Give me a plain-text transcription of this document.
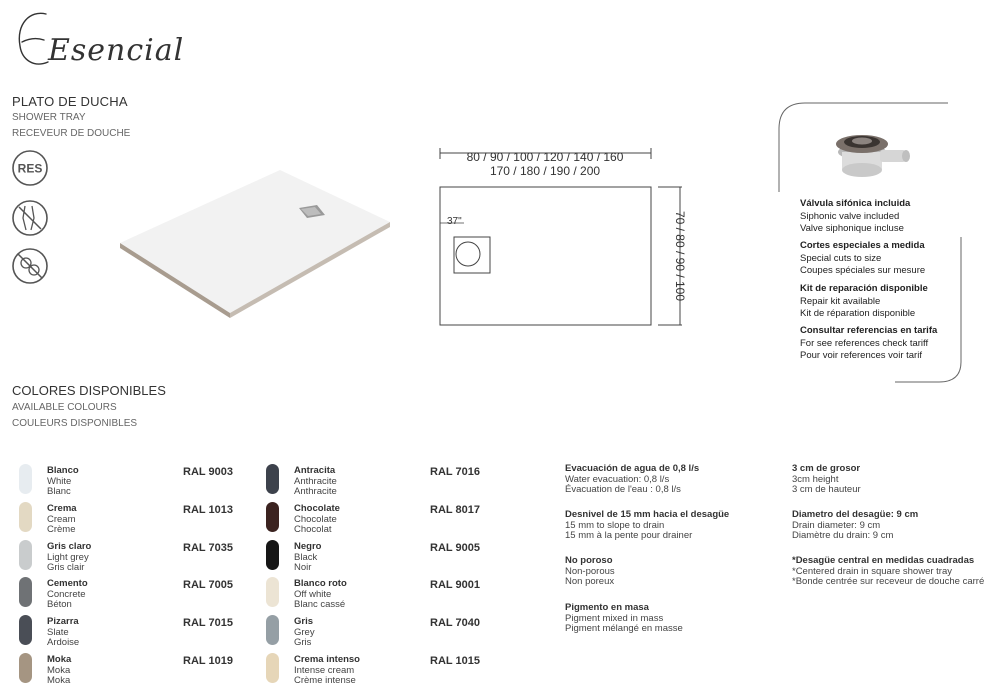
Esencial
PLATO DE DUCHA
SHOWER TRAY
RECEVEUR DE DOUCHE
RES
80 / 90 / 100 / 120 / 140 / 160
170 / 180 / 190 / 200
70 / 80 / 90 / 100
37"
Válvula sifónica incluida
Siphonic valve included
Valve siphonique incluse
Cortes especiales a medida
Special cuts to size
Coupes spéciales sur mesure
Kit de reparación disponible
Repair kit available
Kit de réparation disponible
Consultar referencias en tarifa
For see references check tariff
Pour voir references voir tarif
COLORES DISPONIBLES
AVAILABLE COLOURS
COULEURS DISPONIBLES
Blanco
White
Blanc
RAL 9003
Crema
Cream
Crème
RAL 1013
Gris claro
Light grey
Gris clair
RAL 7035
Cemento
Concrete
Béton
RAL 7005
Pizarra
Slate
Ardoise
RAL 7015
Moka
Moka
Moka
RAL 1019
Antracita
Anthracite
Anthracite
RAL 7016
Chocolate
Chocolate
Chocolat
RAL 8017
Negro
Black
Noir
RAL 9005
Blanco roto
Off white
Blanc cassé
RAL 9001
Gris
Grey
Gris
RAL 7040
Crema intenso
Intense cream
Crème intense
RAL 1015
Evacuación de agua de 0,8 l/s
Water evacuation: 0,8 l/s
Évacuation de l'eau : 0,8 l/s
Desnivel de 15 mm hacia el desagüe
15 mm to slope to drain
15 mm à la pente pour drainer
No poroso
Non-porous
Non poreux
Pigmento en masa
Pigment mixed in mass
Pigment mélangé en masse
3 cm de grosor
3cm height
3 cm de hauteur
Diametro del desagüe: 9 cm
Drain diameter: 9 cm
Diamètre du drain: 9 cm
*Desagüe central en medidas cuadradas
*Centered drain in square shower tray
*Bonde centrée sur receveur de douche carré
